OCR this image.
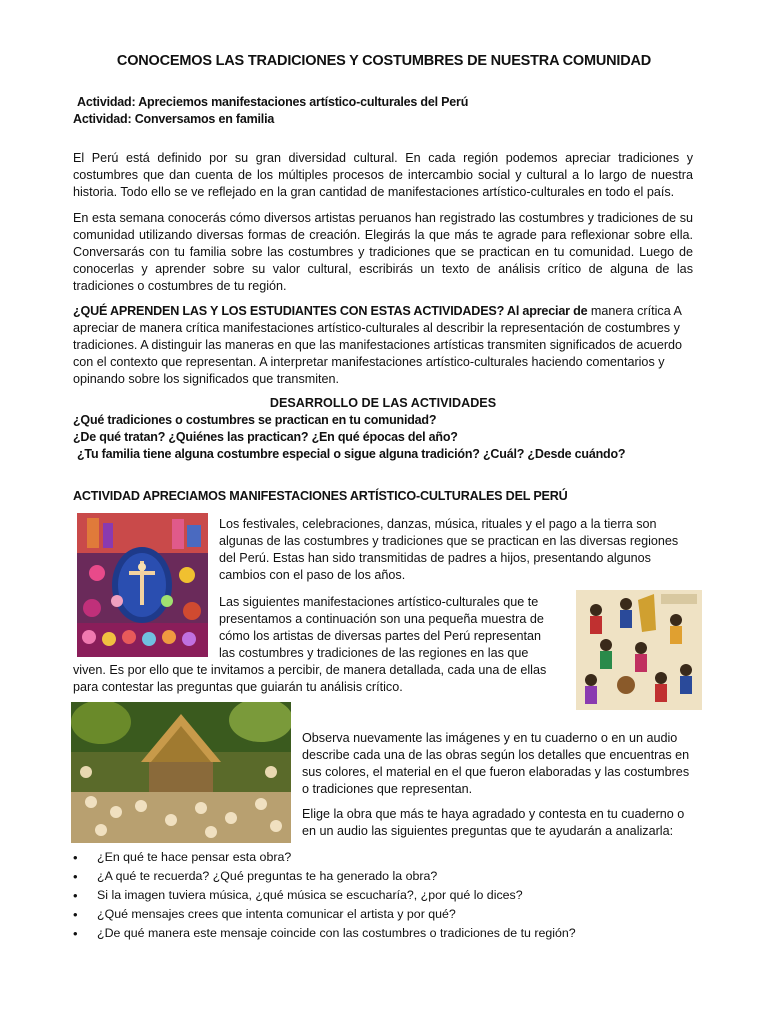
CONOCEMOS LAS TRADICIONES Y COSTUMBRES DE NUESTRA COMUNIDAD
Actividad: Apreciemos manifestaciones artístico-culturales del Perú
Actividad: Conversamos en familia

El Perú está definido por su gran diversidad cultural. En cada región podemos apreciar tradiciones y costumbres que dan cuenta de los múltiples procesos de intercambio social y cultural a lo largo de nuestra historia. Todo ello se ve reflejado en la gran cantidad de manifestaciones artístico-culturales en todo el país.

En esta semana conocerás cómo diversos artistas peruanos han registrado las costumbres y tradiciones de su comunidad utilizando diversas formas de creación. Elegirás la que más te agrade para reflexionar sobre ella. Conversarás con tu familia sobre las costumbres y tradiciones que se practican en tu comunidad. Luego de conocerlas y aprender sobre su valor cultural, escribirás un texto de análisis crítico de alguna de las tradiciones o costumbres de tu región.

¿QUÉ APRENDEN LAS Y LOS ESTUDIANTES CON ESTAS ACTIVIDADES? Al apreciar de manera crítica A apreciar de manera crítica manifestaciones artístico-culturales al describir la representación de costumbres y tradiciones. A distinguir las maneras en que las manifestaciones artísticas transmiten significados de acuerdo con el contexto que representan. A interpretar manifestaciones artístico-culturales haciendo comentarios y opinando sobre los significados que transmiten.

DESARROLLO DE LAS ACTIVIDADES
¿Qué tradiciones o costumbres se practican en tu comunidad?
¿De qué tratan? ¿Quiénes las practican? ¿En qué épocas del año?
¿Tu familia tiene alguna costumbre especial o sigue alguna tradición? ¿Cuál? ¿Desde cuándo?
ACTIVIDAD APRECIAMOS MANIFESTACIONES ARTÍSTICO-CULTURALES DEL PERÚ

Los festivales, celebraciones, danzas, música, rituales y el pago a la tierra son algunas de las costumbres y tradiciones que se practican en las diversas regiones del Perú. Estas han sido transmitidas de padres a hijos, presentando algunos cambios con el paso de los años.

Las siguientes manifestaciones artístico-culturales que te presentamos a continuación son una pequeña muestra de cómo los artistas de diversas partes del Perú representan las costumbres y tradiciones de las regiones en las que

viven. Es por ello que te invitamos a percibir, de manera detallada, cada una de ellas para contestar las preguntas que guiarán tu análisis crítico.

Observa nuevamente las imágenes y en tu cuaderno o en un audio describe cada una de las obras según los detalles que encuentras en sus colores, el material en el que fueron elaboradas y las costumbres o tradiciones que representan.

Elige la obra que más te haya agradado y contesta en tu cuaderno o en un audio las siguientes preguntas que te ayudarán a analizarla:

• ¿En qué te hace pensar esta obra?
• ¿A qué te recuerda? ¿Qué preguntas te ha generado la obra?
• Si la imagen tuviera música, ¿qué música se escucharía?, ¿por qué lo dices?
• ¿Qué mensajes crees que intenta comunicar el artista y por qué?
• ¿De qué manera este mensaje coincide con las costumbres o tradiciones de tu región?
